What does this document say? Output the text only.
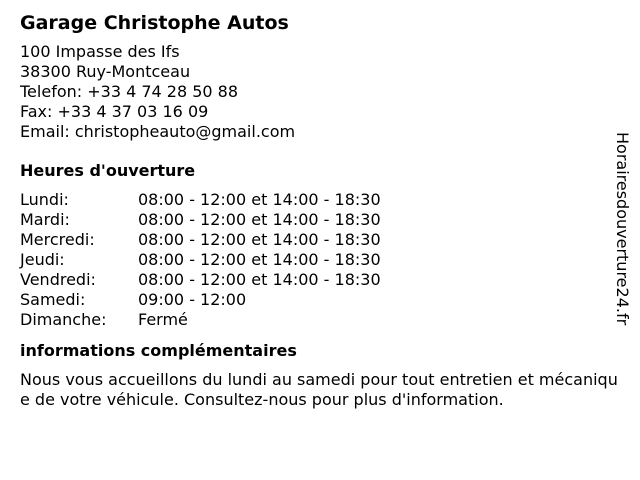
Garage Christophe Autos
100 Impasse des Ifs
38300 Ruy-Montceau
Telefon: +33 4 74 28 50 88
Fax: +33 4 37 03 16 09
Email: christopheauto@gmail.com
Heures d'ouverture
Lundi:	08:00 - 12:00 et 14:00 - 18:30
Mardi:	08:00 - 12:00 et 14:00 - 18:30
Mercredi:	08:00 - 12:00 et 14:00 - 18:30
Jeudi:	08:00 - 12:00 et 14:00 - 18:30
Vendredi:	08:00 - 12:00 et 14:00 - 18:30
Samedi:	09:00 - 12:00
Dimanche:	Fermé
informations complémentaires
Nous vous accueillons du lundi au samedi pour tout entretien et mécanique de votre véhicule. Consultez-nous pour plus d'information.
Horairesdouverture24.fr
